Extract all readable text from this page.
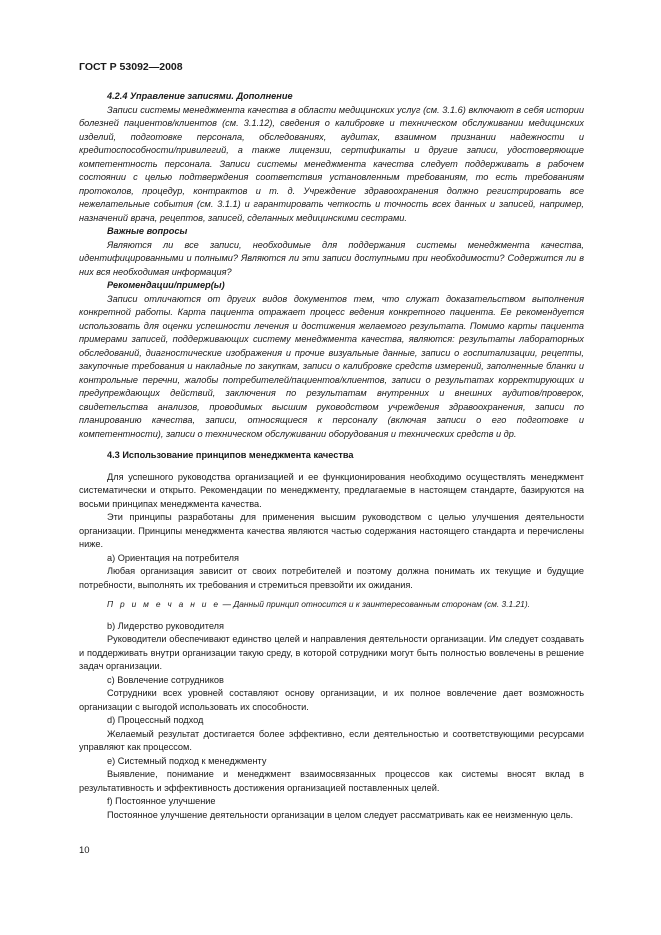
ГОСТ Р 53092—2008

4.2.4 Управление записями. Дополнение

Записи системы менеджмента качества в области медицинских услуг (см. 3.1.6) включают в себя истории болезней пациентов/клиентов (см. 3.1.12), сведения о калибровке и техническом обслуживании медицинских изделий, подготовке персонала, обследованиях, аудитах, взаимном признании надежности и кредитоспособности/привилегий, а также лицензии, сертификаты и другие записи, удостоверяющие компетентность персонала. Записи системы менеджмента качества следует поддерживать в рабочем состоянии с целью подтверждения соответствия установленным требованиям, то есть требованиям протоколов, процедур, контрактов и т. д. Учреждение здравоохранения должно регистрировать все нежелательные события (см. 3.1.1) и гарантировать четкость и точность всех данных и записей, например, назначений врача, рецептов, записей, сделанных медицинскими сестрами.

Важные вопросы

Являются ли все записи, необходимые для поддержания системы менеджмента качества, идентифицированными и полными? Являются ли эти записи доступными при необходимости? Содержится ли в них вся необходимая информация?

Рекомендации/пример(ы)

Записи отличаются от других видов документов тем, что служат доказательством выполнения конкретной работы. Карта пациента отражает процесс ведения конкретного пациента. Ее рекомендуется использовать для оценки успешности лечения и достижения желаемого результата. Помимо карты пациента примерами записей, поддерживающих систему менеджмента качества, являются: результаты лабораторных обследований, диагностические изображения и прочие визуальные данные, записи о госпитализации, рецепты, закупочные требования и накладные по закупкам, записи о калибровке средств измерений, заполненные бланки и контрольные перечни, жалобы потребителей/пациентов/клиентов, записи о результатах корректирующих и предупреждающих действий, заключения по результатам внутренних и внешних аудитов/проверок, свидетельства анализов, проводимых высшим руководством учреждения здравоохранения, записи по планированию качества, записи, относящиеся к персоналу (включая записи о его подготовке и компетентности), записи о техническом обслуживании оборудования и технических средств и др.

4.3 Использование принципов менеджмента качества

Для успешного руководства организацией и ее функционирования необходимо осуществлять менеджмент систематически и открыто. Рекомендации по менеджменту, предлагаемые в настоящем стандарте, базируются на восьми принципах менеджмента качества.

Эти принципы разработаны для применения высшим руководством с целью улучшения деятельности организации. Принципы менеджмента качества являются частью содержания настоящего стандарта и перечислены ниже.

a) Ориентация на потребителя

Любая организация зависит от своих потребителей и поэтому должна понимать их текущие и будущие потребности, выполнять их требования и стремиться превзойти их ожидания.

П р и м е ч а н и е — Данный принцип относится и к заинтересованным сторонам (см. 3.1.21).

b) Лидерство руководителя

Руководители обеспечивают единство целей и направления деятельности организации. Им следует создавать и поддерживать внутри организации такую среду, в которой сотрудники могут быть полностью вовлечены в решение задач организации.

c) Вовлечение сотрудников

Сотрудники всех уровней составляют основу организации, и их полное вовлечение дает возможность организации с выгодой использовать их способности.

d) Процессный подход

Желаемый результат достигается более эффективно, если деятельностью и соответствующими ресурсами управляют как процессом.

e) Системный подход к менеджменту

Выявление, понимание и менеджмент взаимосвязанных процессов как системы вносят вклад в результативность и эффективность достижения организацией поставленных целей.

f) Постоянное улучшение

Постоянное улучшение деятельности организации в целом следует рассматривать как ее неизменную цель.

10
